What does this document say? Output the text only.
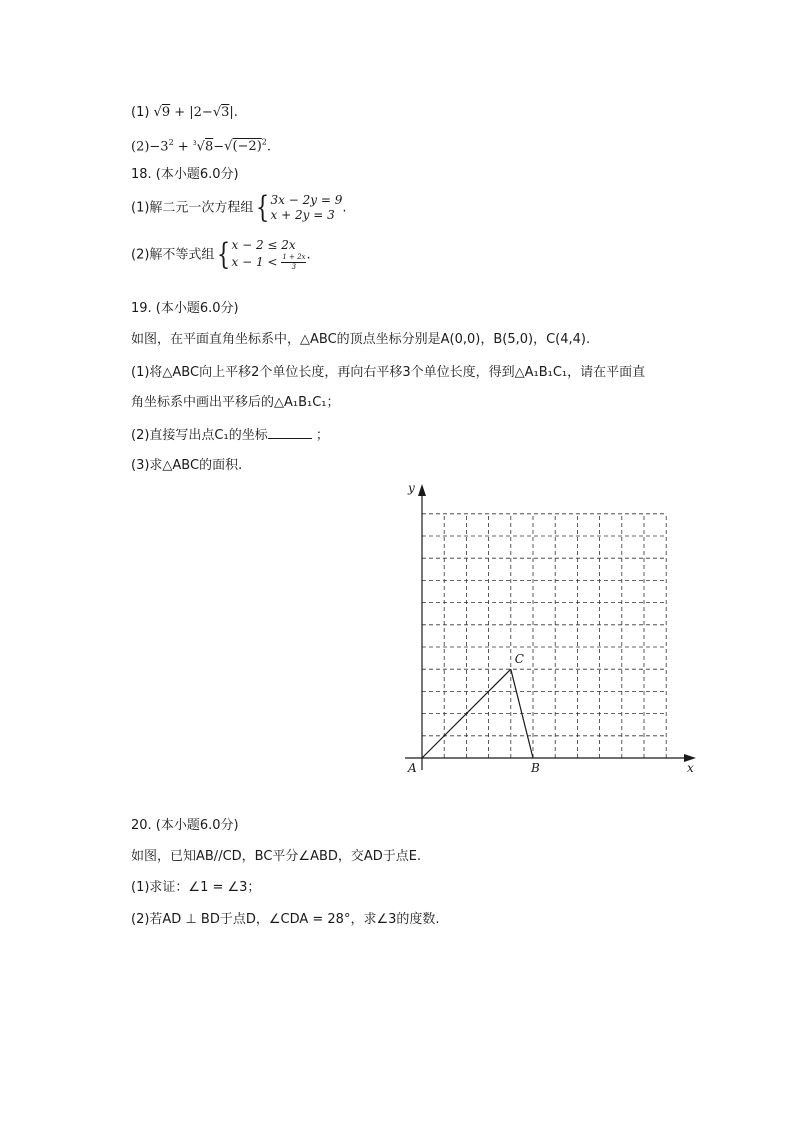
(1) √9 + |2−√3|.
$(2)-3^2 + ^3√8-√(-2)^2$.
18. (本小题6.0分)
(1)解二元一次方程组 { 3x − 2y = 9
x + 2y = 3 .
(2)解不等式组 { x − 2 ≤ 2x
$x - 1 < \frac{1 + 2x}{3}$ .
19. (本小题6.0分)
如图，在平面直角坐标系中，△ABC的顶点坐标分别是A(0,0)，B(5,0)，C(4,4).
(1)将△ABC向上平移2个单位长度，再向右平移3个单位长度，得到△A₁B₁C₁，请在平面直
角坐标系中画出平移后的△A₁B₁C₁；
(2)直接写出点C₁的坐标	；
(3)求△ABC的面积.
y
x
A	B
C
20. (本小题6.0分)
如图，已知AB//CD，BC平分∠ABD，交AD于点E.
(1)求证：∠1 = ∠3；
(2)若AD ⊥ BD于点D，∠CDA = 28°，求∠3的度数.
